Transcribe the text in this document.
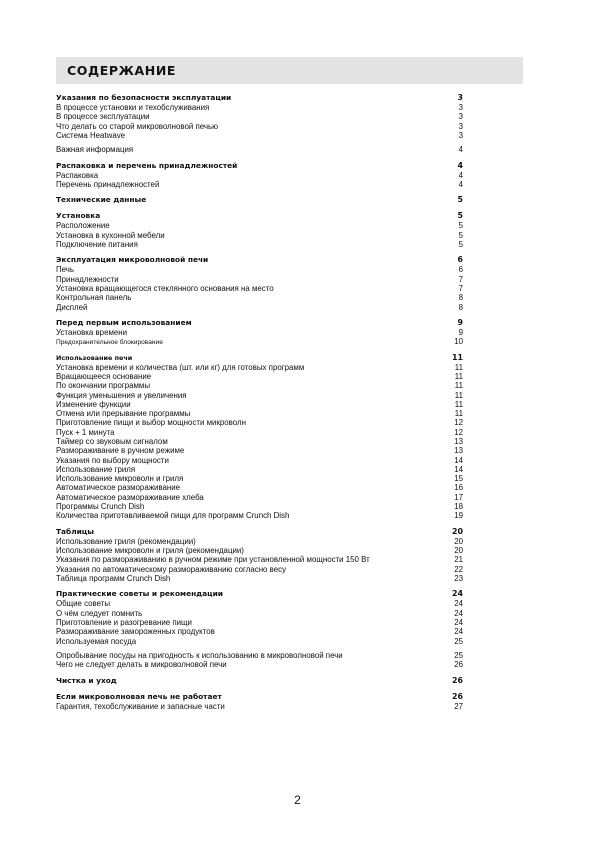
СОДЕРЖАНИЕ
Указания по безопасности эксплуатации	3
В процессе установки и техобслуживания	3
В процессе эксплуатации	3
Что делать со старой микроволновой печью	3
Система Heatwave	3
Важная информация	4
Распаковка и перечень принадлежностей	4
Распаковка	4
Перечень принадлежностей	4
Технические данные	5
Установка	5
Расположение	5
Установка в кухонной мебели	5
Подключение питания	5
Эксплуатация микроволновой печи	6
Печь	6
Принадлежности	7
Установка вращающегося стеклянного основания на место	7
Контрольная панель	8
Дисплей	8
Перед первым использованием	9
Установка времени	9
Предохранительное блокирование	10
Использование печи	11
Установка времени и количества (шт. или кг) для готовых программ	11
Вращающееся основание	11
По окончании программы	11
Функция уменьшения и увеличения	11
Изменение функции	11
Отмена или прерывание программы	11
Приготовление пищи и выбор мощности микроволн	12
Пуск + 1 минута	12
Таймер со звуковым сигналом	13
Размораживание в ручном режиме	13
Указания по выбору мощности	14
Использование гриля	14
Использование микроволн и гриля	15
Автоматическое размораживание	16
Автоматическое размораживание хлеба	17
Программы Crunch Dish	18
Количества приготавливаемой пищи для программ Crunch Dish	19
Таблицы	20
Использование гриля (рекомендации)	20
Использование микроволн и гриля (рекомендации)	20
Указания по размораживанию в ручном режиме при установленной мощности 150 Вт	21
Указания по автоматическому размораживанию согласно весу	22
Таблица программ Crunch Dish	23
Практические советы и рекомендации	24
Общие советы	24
О чём следует помнить	24
Приготовление и разогревание пищи	24
Размораживание замороженных продуктов	24
Используемая посуда	25
Опробывание посуды на пригодность к использованию в микроволновой печи	25
Чего не следует делать в микроволновой печи	26
Чистка и уход	26
Если микроволновая печь не работает	26
Гарантия, техобслуживание и запасные части	27
2
